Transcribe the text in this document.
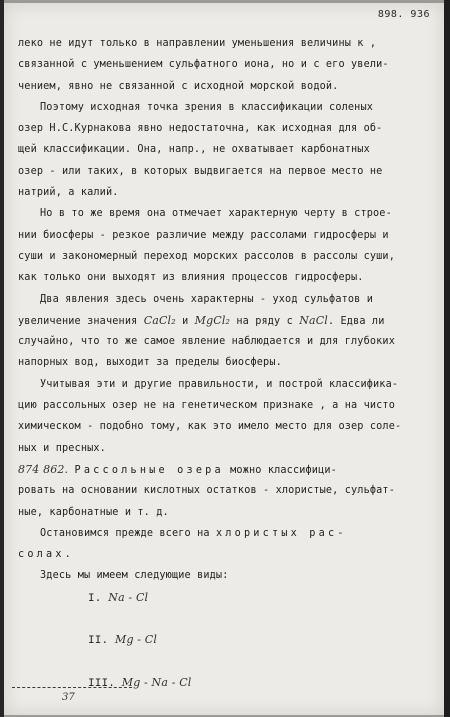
898. 936
леко не идут только в направлении уменьшения величины к ,
связанной с уменьшением сульфатного иона, но и с его увели-
чением, явно не связанной с исходной морской водой.
Поэтому исходная точка зрения в классификации соленых
озер Н.С.Курнакова явно недостаточна, как исходная для об-
щей классификации. Она, напр., не охватывает карбонатных
озер - или таких, в которых выдвигается на первое место не
натрий, а калий.
Но в то же время она отмечает характерную черту в строе-
нии биосферы - резкое различие между рассолами гидросферы и
суши и закономерный переход морских рассолов в рассолы суши,
как только они выходят из влияния процессов гидросферы.
Два явления здесь очень характерны - уход сульфатов и
увеличение значения CaCl₂ и MgCl₂ на ряду с NaCl. Едва ли
случайно, что то же самое явление наблюдается и для глубоких
напорных вод, выходит за пределы биосферы.
Учитывая эти и другие правильности, и построй классифика-
цию рассольных озер не на генетическом признаке , а на чисто
химическом - подобно тому, как это имело место для озер соле-
ных и пресных.
874 862. Рассольные озера можно классифици-
ровать на основании кислотных остатков - хлористые, сульфат-
ные, карбонатные и т. д.
Остановимся прежде всего на хлористых рас-
солах.
Здесь мы имеем следующие виды:
I. Na - Cl
II. Mg - Cl
III. Mg - Na - Cl
37
